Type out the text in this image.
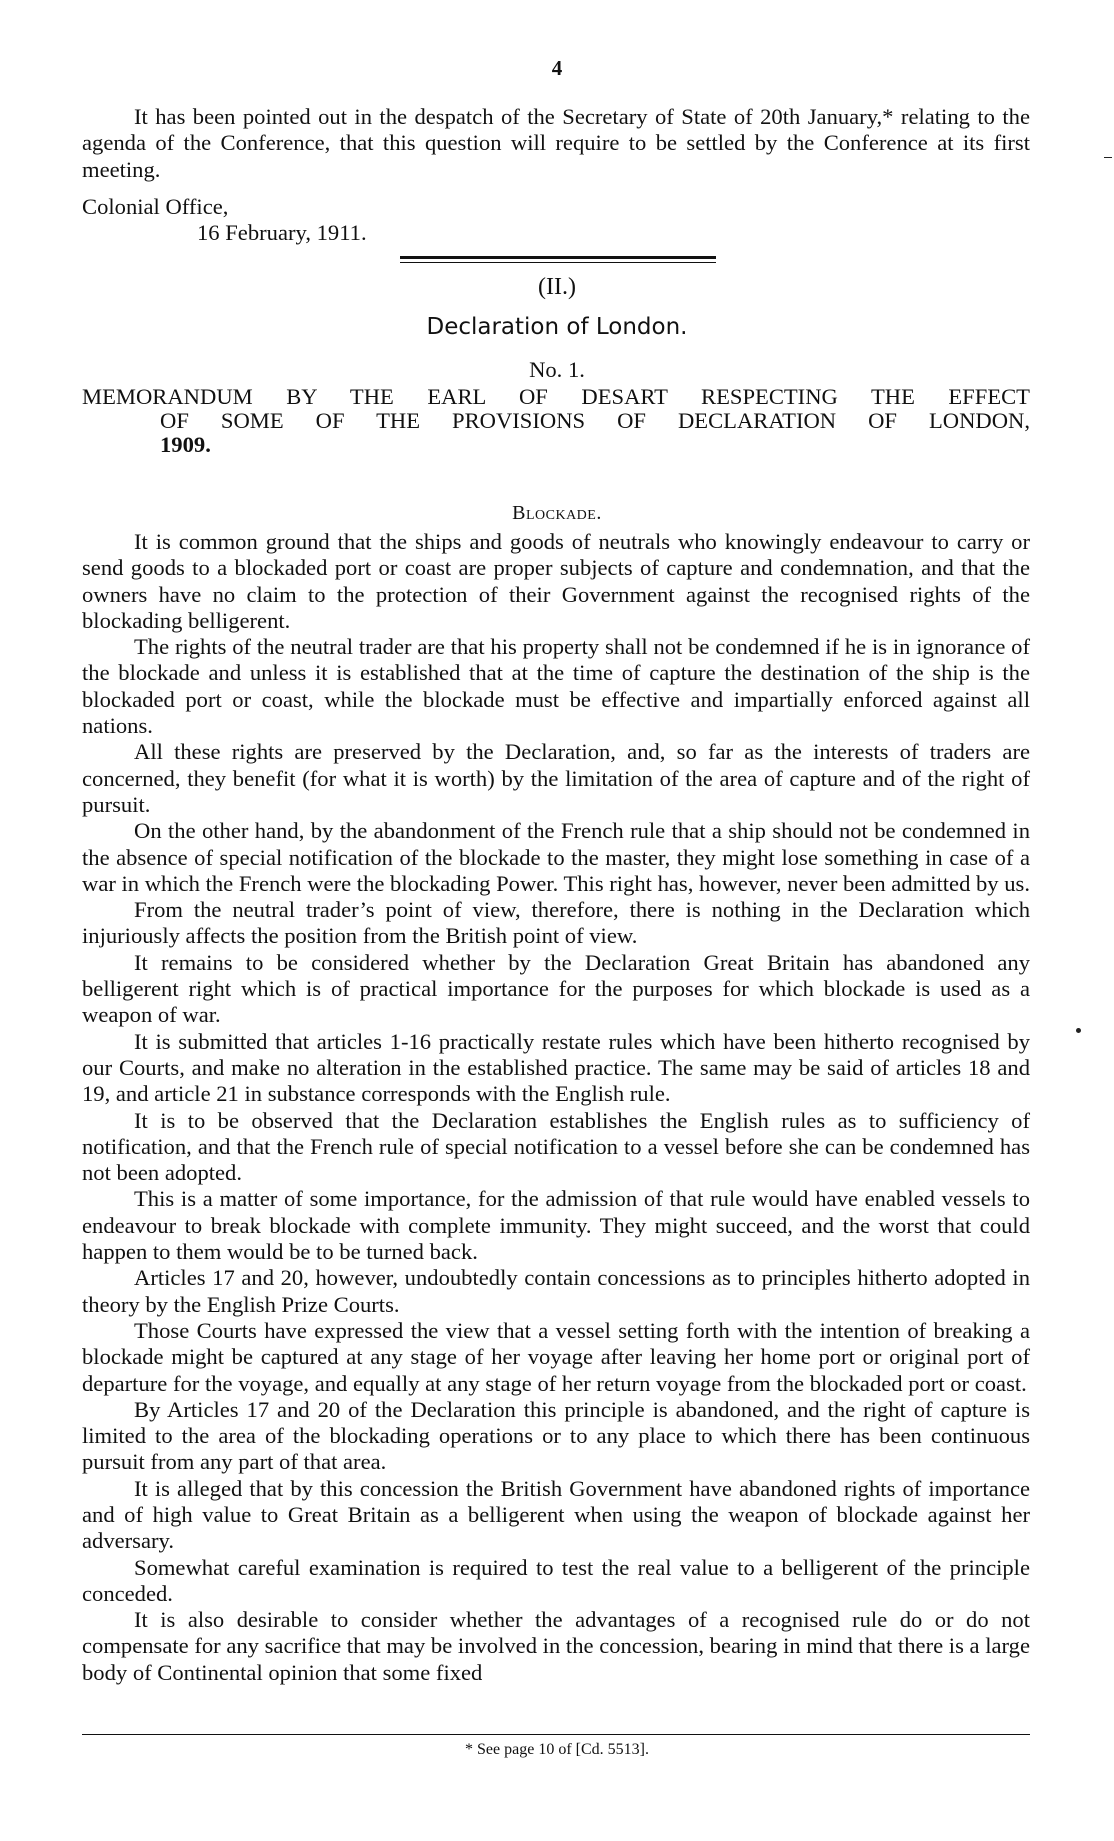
4

It has been pointed out in the despatch of the Secretary of State of 20th January,* relating to the agenda of the Conference, that this question will require to be settled by the Conference at its first meeting.

Colonial Office,
16 February, 1911.
(II.)
Declaration of London.
No. 1.
MEMORANDUM BY THE EARL OF DESART RESPECTING THE EFFECT
OF SOME OF THE PROVISIONS OF DECLARATION OF LONDON,
1909.
Blockade.

It is common ground that the ships and goods of neutrals who knowingly endeavour to carry or send goods to a blockaded port or coast are proper subjects of capture and condemnation, and that the owners have no claim to the protection of their Government against the recognised rights of the blockading belligerent.

The rights of the neutral trader are that his property shall not be condemned if he is in ignorance of the blockade and unless it is established that at the time of capture the destination of the ship is the blockaded port or coast, while the blockade must be effective and impartially enforced against all nations.

All these rights are preserved by the Declaration, and, so far as the interests of traders are concerned, they benefit (for what it is worth) by the limitation of the area of capture and of the right of pursuit.

On the other hand, by the abandonment of the French rule that a ship should not be condemned in the absence of special notification of the blockade to the master, they might lose something in case of a war in which the French were the blockading Power. This right has, however, never been admitted by us.

From the neutral trader’s point of view, therefore, there is nothing in the Declaration which injuriously affects the position from the British point of view.

It remains to be considered whether by the Declaration Great Britain has abandoned any belligerent right which is of practical importance for the purposes for which blockade is used as a weapon of war.

It is submitted that articles 1-16 practically restate rules which have been hitherto recognised by our Courts, and make no alteration in the established practice. The same may be said of articles 18 and 19, and article 21 in substance corresponds with the English rule.

It is to be observed that the Declaration establishes the English rules as to sufficiency of notification, and that the French rule of special notification to a vessel before she can be condemned has not been adopted.

This is a matter of some importance, for the admission of that rule would have enabled vessels to endeavour to break blockade with complete immunity. They might succeed, and the worst that could happen to them would be to be turned back.

Articles 17 and 20, however, undoubtedly contain concessions as to principles hitherto adopted in theory by the English Prize Courts.

Those Courts have expressed the view that a vessel setting forth with the intention of breaking a blockade might be captured at any stage of her voyage after leaving her home port or original port of departure for the voyage, and equally at any stage of her return voyage from the blockaded port or coast.

By Articles 17 and 20 of the Declaration this principle is abandoned, and the right of capture is limited to the area of the blockading operations or to any place to which there has been continuous pursuit from any part of that area.

It is alleged that by this concession the British Government have abandoned rights of importance and of high value to Great Britain as a belligerent when using the weapon of blockade against her adversary.

Somewhat careful examination is required to test the real value to a belligerent of the principle conceded.

It is also desirable to consider whether the advantages of a recognised rule do or do not compensate for any sacrifice that may be involved in the concession, bearing in mind that there is a large body of Continental opinion that some fixed

* See page 10 of [Cd. 5513].
